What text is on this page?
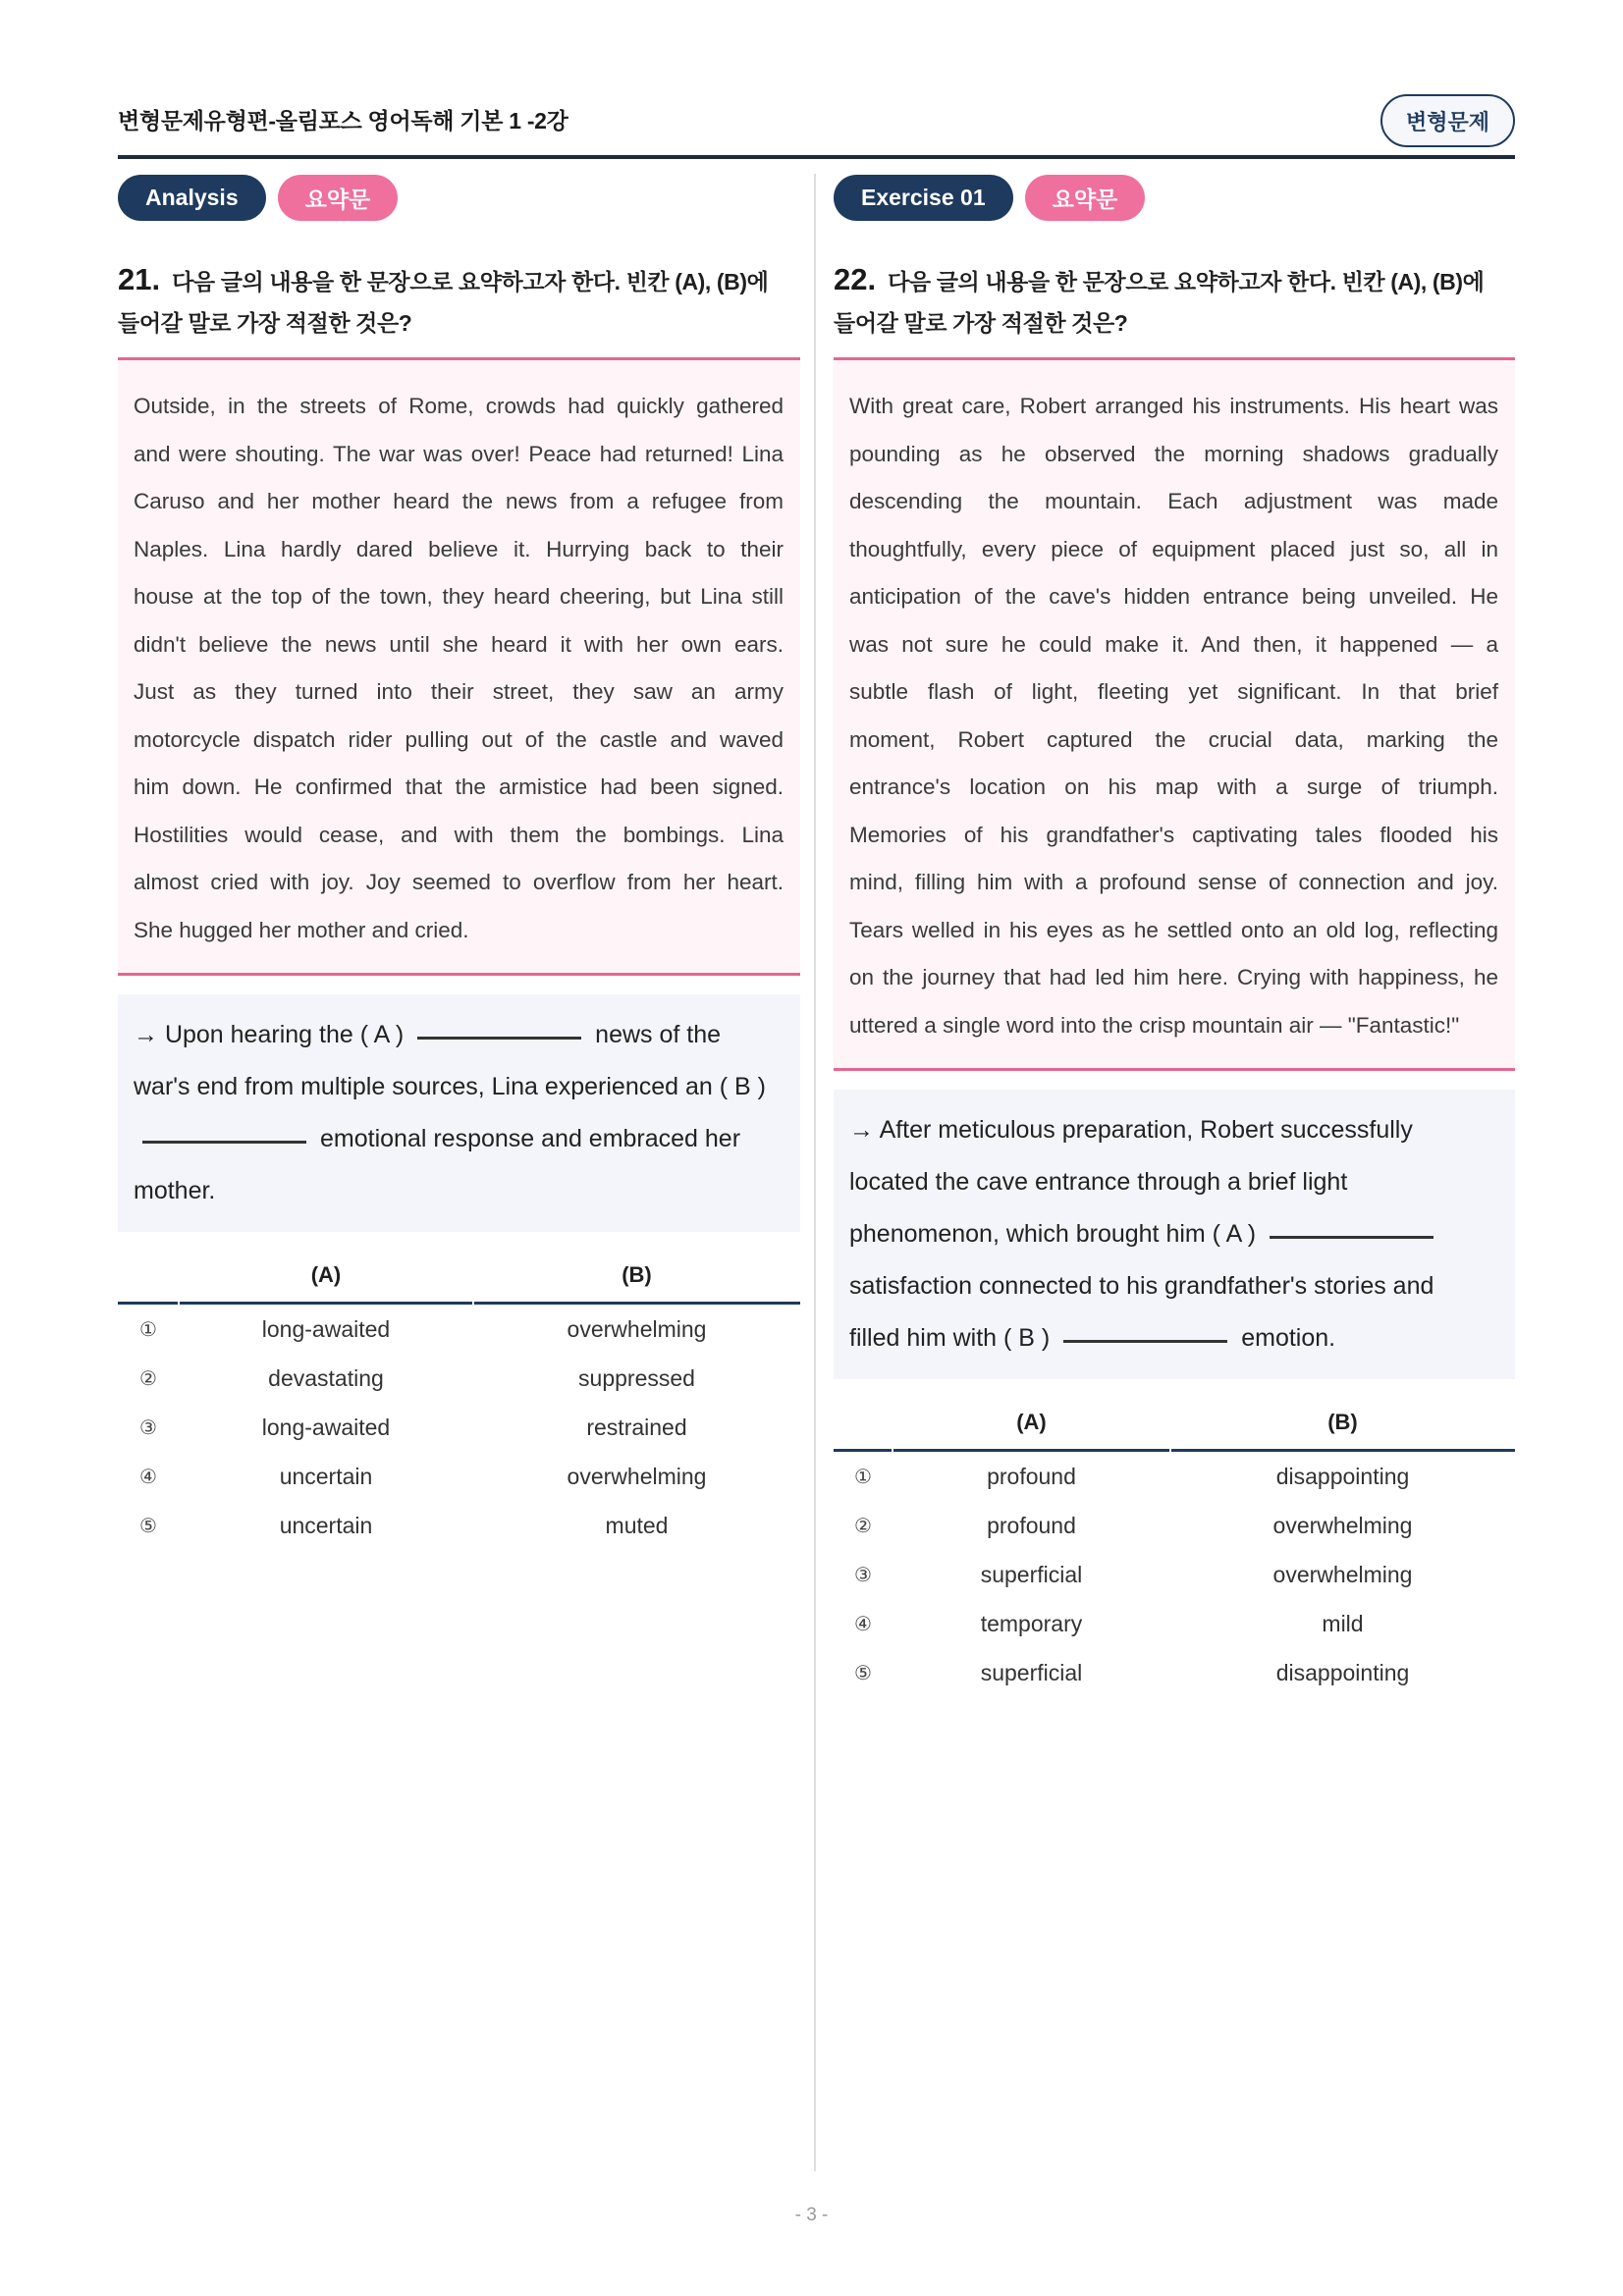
변형문제유형편-올림포스 영어독해 기본 1 -2강	변형문제
Analysis	요약문
21. 다음 글의 내용을 한 문장으로 요약하고자 한다. 빈칸 (A), (B)에
들어갈 말로 가장 적절한 것은?
Outside, in the streets of Rome, crowds had quickly gathered
and were shouting. The war was over! Peace had returned! Lina
Caruso and her mother heard the news from a refugee from
Naples. Lina hardly dared believe it. Hurrying back to their
house at the top of the town, they heard cheering, but Lina still
didn't believe the news until she heard it with her own ears.
Just as they turned into their street, they saw an army
motorcycle dispatch rider pulling out of the castle and waved
him down. He confirmed that the armistice had been signed.
Hostilities would cease, and with them the bombings. Lina
almost cried with joy. Joy seemed to overflow from her heart.
She hugged her mother and cried.
→ Upon hearing the ( A )	news of the
war's end from multiple sources, Lina experienced an ( B )
emotional response and embraced her
mother.
	(A)	(B)
①	long-awaited	overwhelming
②	devastating	suppressed
③	long-awaited	restrained
④	uncertain	overwhelming
⑤	uncertain	muted
Exercise 01	요약문
22. 다음 글의 내용을 한 문장으로 요약하고자 한다. 빈칸 (A), (B)에
들어갈 말로 가장 적절한 것은?
With great care, Robert arranged his instruments. His heart was
pounding as he observed the morning shadows gradually
descending the mountain. Each adjustment was made
thoughtfully, every piece of equipment placed just so, all in
anticipation of the cave's hidden entrance being unveiled. He
was not sure he could make it. And then, it happened — a
subtle flash of light, fleeting yet significant. In that brief
moment, Robert captured the crucial data, marking the
entrance's location on his map with a surge of triumph.
Memories of his grandfather's captivating tales flooded his
mind, filling him with a profound sense of connection and joy.
Tears welled in his eyes as he settled onto an old log, reflecting
on the journey that had led him here. Crying with happiness, he
uttered a single word into the crisp mountain air — "Fantastic!"
→ After meticulous preparation, Robert successfully
located the cave entrance through a brief light
phenomenon, which brought him ( A )
satisfaction connected to his grandfather's stories and
filled him with ( B )	emotion.
	(A)	(B)
①	profound	disappointing
②	profound	overwhelming
③	superficial	overwhelming
④	temporary	mild
⑤	superficial	disappointing
- 3 -
